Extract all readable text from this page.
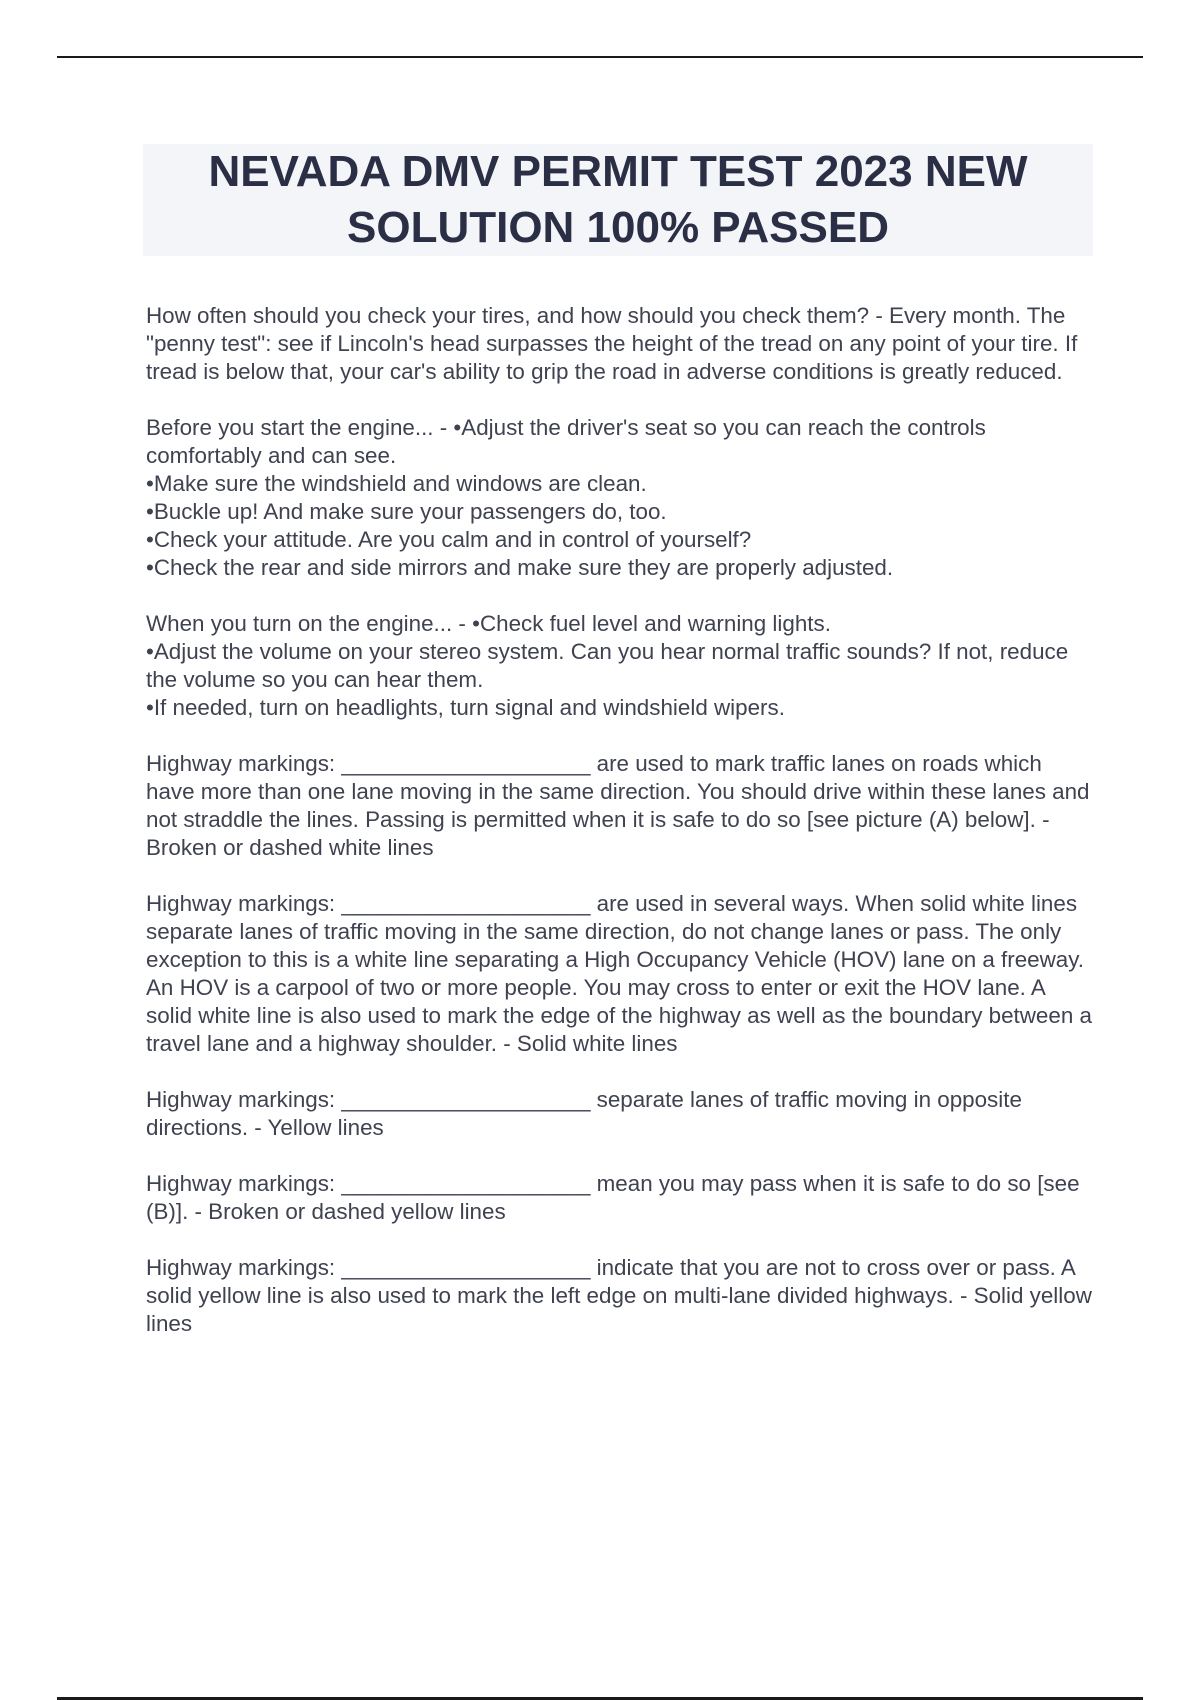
NEVADA DMV PERMIT TEST 2023 NEW SOLUTION 100% PASSED

How often should you check your tires, and how should you check them? - Every month. The "penny test": see if Lincoln's head surpasses the height of the tread on any point of your tire. If tread is below that, your car's ability to grip the road in adverse conditions is greatly reduced.

Before you start the engine... - •Adjust the driver's seat so you can reach the controls comfortably and can see.

•Make sure the windshield and windows are clean.

•Buckle up! And make sure your passengers do, too.

•Check your attitude. Are you calm and in control of yourself?

•Check the rear and side mirrors and make sure they are properly adjusted.

When you turn on the engine... - •Check fuel level and warning lights.

•Adjust the volume on your stereo system. Can you hear normal traffic sounds? If not, reduce the volume so you can hear them.

•If needed, turn on headlights, turn signal and windshield wipers.

Highway markings: ____________________ are used to mark traffic lanes on roads which have more than one lane moving in the same direction. You should drive within these lanes and not straddle the lines. Passing is permitted when it is safe to do so [see picture (A) below]. - Broken or dashed white lines

Highway markings: ____________________ are used in several ways. When solid white lines separate lanes of traffic moving in the same direction, do not change lanes or pass. The only exception to this is a white line separating a High Occupancy Vehicle (HOV) lane on a freeway. An HOV is a carpool of two or more people. You may cross to enter or exit the HOV lane. A solid white line is also used to mark the edge of the highway as well as the boundary between a travel lane and a highway shoulder. - Solid white lines

Highway markings: ____________________ separate lanes of traffic moving in opposite directions. - Yellow lines

Highway markings: ____________________ mean you may pass when it is safe to do so [see (B)]. - Broken or dashed yellow lines

Highway markings: ____________________ indicate that you are not to cross over or pass. A solid yellow line is also used to mark the left edge on multi-lane divided highways. - Solid yellow lines
